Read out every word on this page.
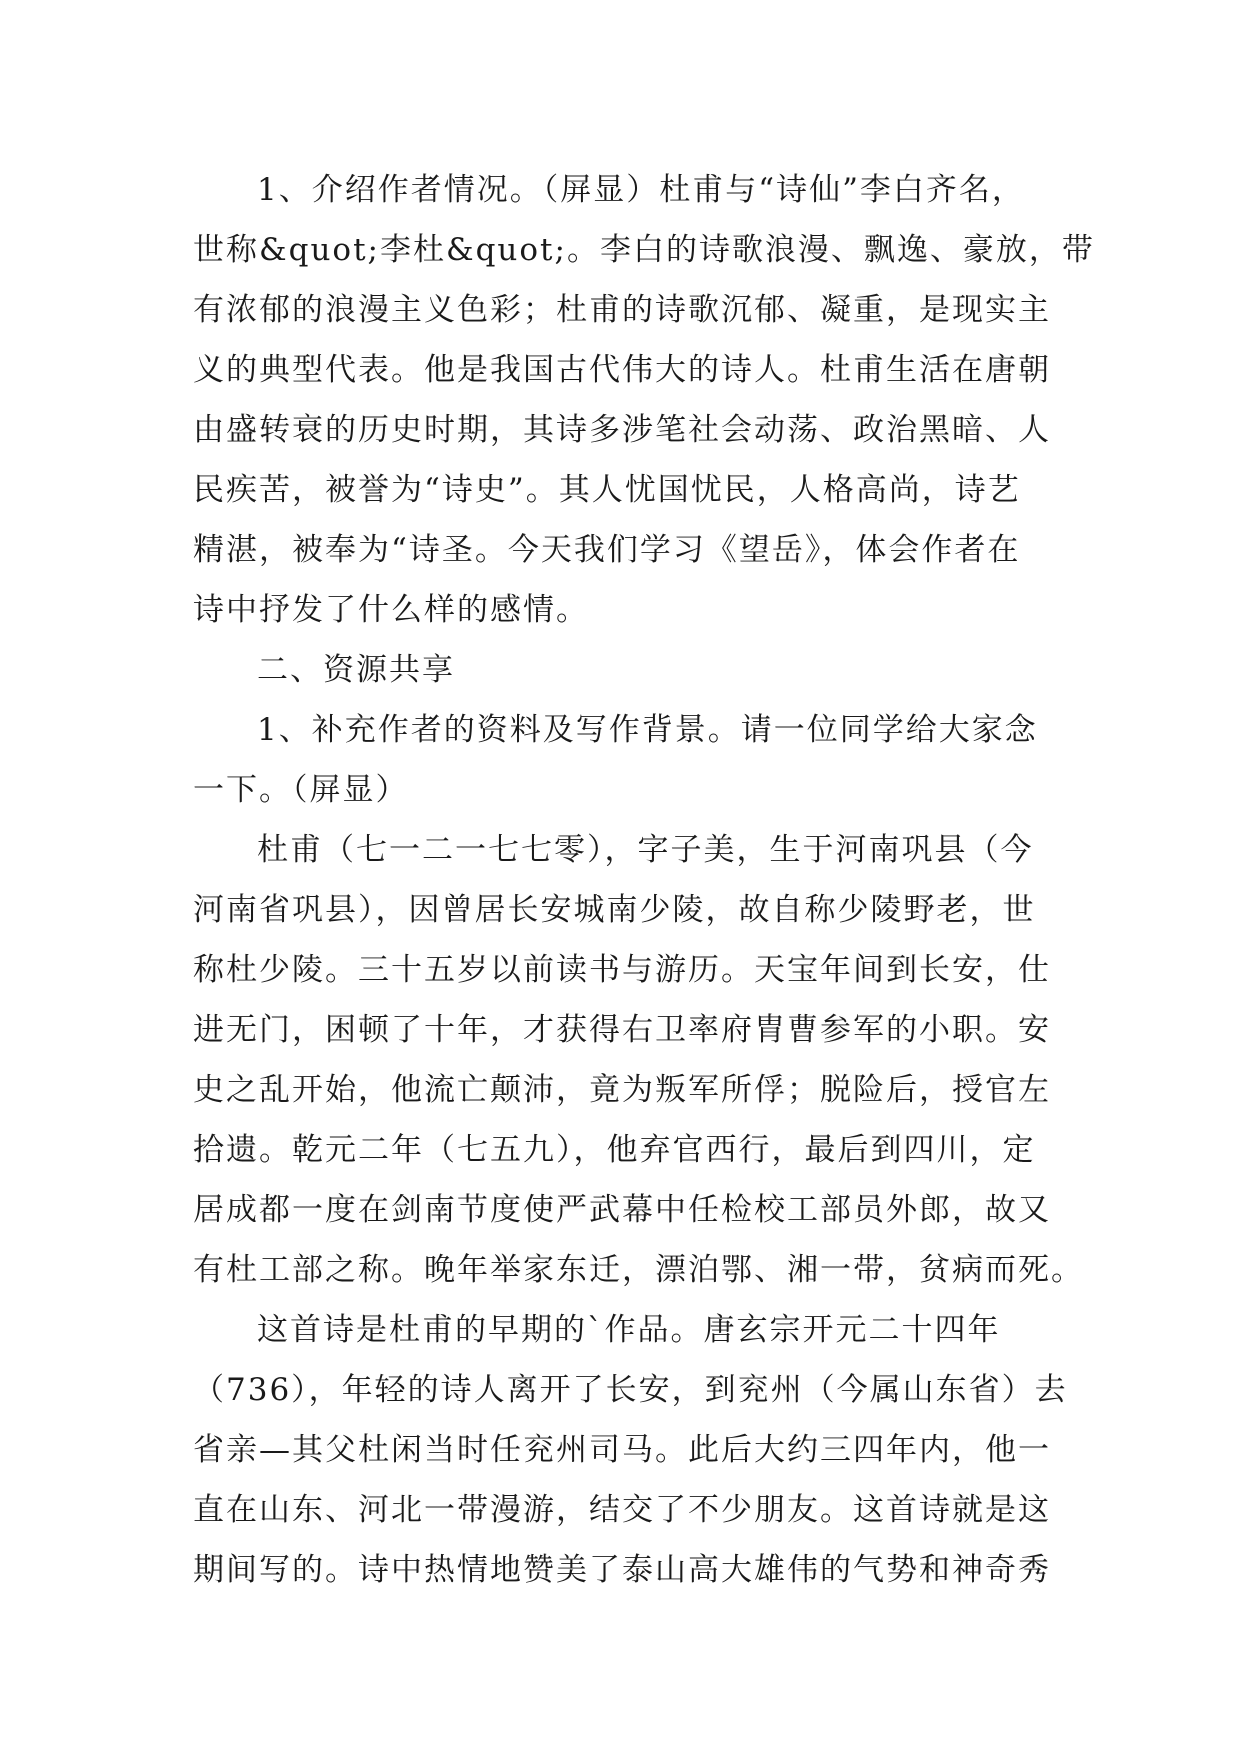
1、介绍作者情况。（屏显）杜甫与“诗仙”李白齐名，
世称&quot;李杜&quot;。李白的诗歌浪漫、飘逸、豪放，带
有浓郁的浪漫主义色彩；杜甫的诗歌沉郁、凝重，是现实主
义的典型代表。他是我国古代伟大的诗人。杜甫生活在唐朝
由盛转衰的历史时期，其诗多涉笔社会动荡、政治黑暗、人
民疾苦，被誉为“诗史”。其人忧国忧民，人格高尚，诗艺
精湛，被奉为“诗圣。今天我们学习《望岳》，体会作者在
诗中抒发了什么样的感情。
二、资源共享
1、补充作者的资料及写作背景。请一位同学给大家念
一下。（屏显）
杜甫（七一二一七七零），字子美，生于河南巩县（今
河南省巩县），因曾居长安城南少陵，故自称少陵野老，世
称杜少陵。三十五岁以前读书与游历。天宝年间到长安，仕
进无门，困顿了十年，才获得右卫率府胄曹参军的小职。安
史之乱开始，他流亡颠沛，竟为叛军所俘；脱险后，授官左
拾遗。乾元二年（七五九），他弃官西行，最后到四川，定
居成都一度在剑南节度使严武幕中任检校工部员外郎，故又
有杜工部之称。晚年举家东迁，漂泊鄂、湘一带，贫病而死。
这首诗是杜甫的早期的`作品。唐玄宗开元二十四年
（736），年轻的诗人离开了长安，到兖州（今属山东省）去
省亲—其父杜闲当时任兖州司马。此后大约三四年内，他一
直在山东、河北一带漫游，结交了不少朋友。这首诗就是这
期间写的。诗中热情地赞美了泰山高大雄伟的气势和神奇秀
